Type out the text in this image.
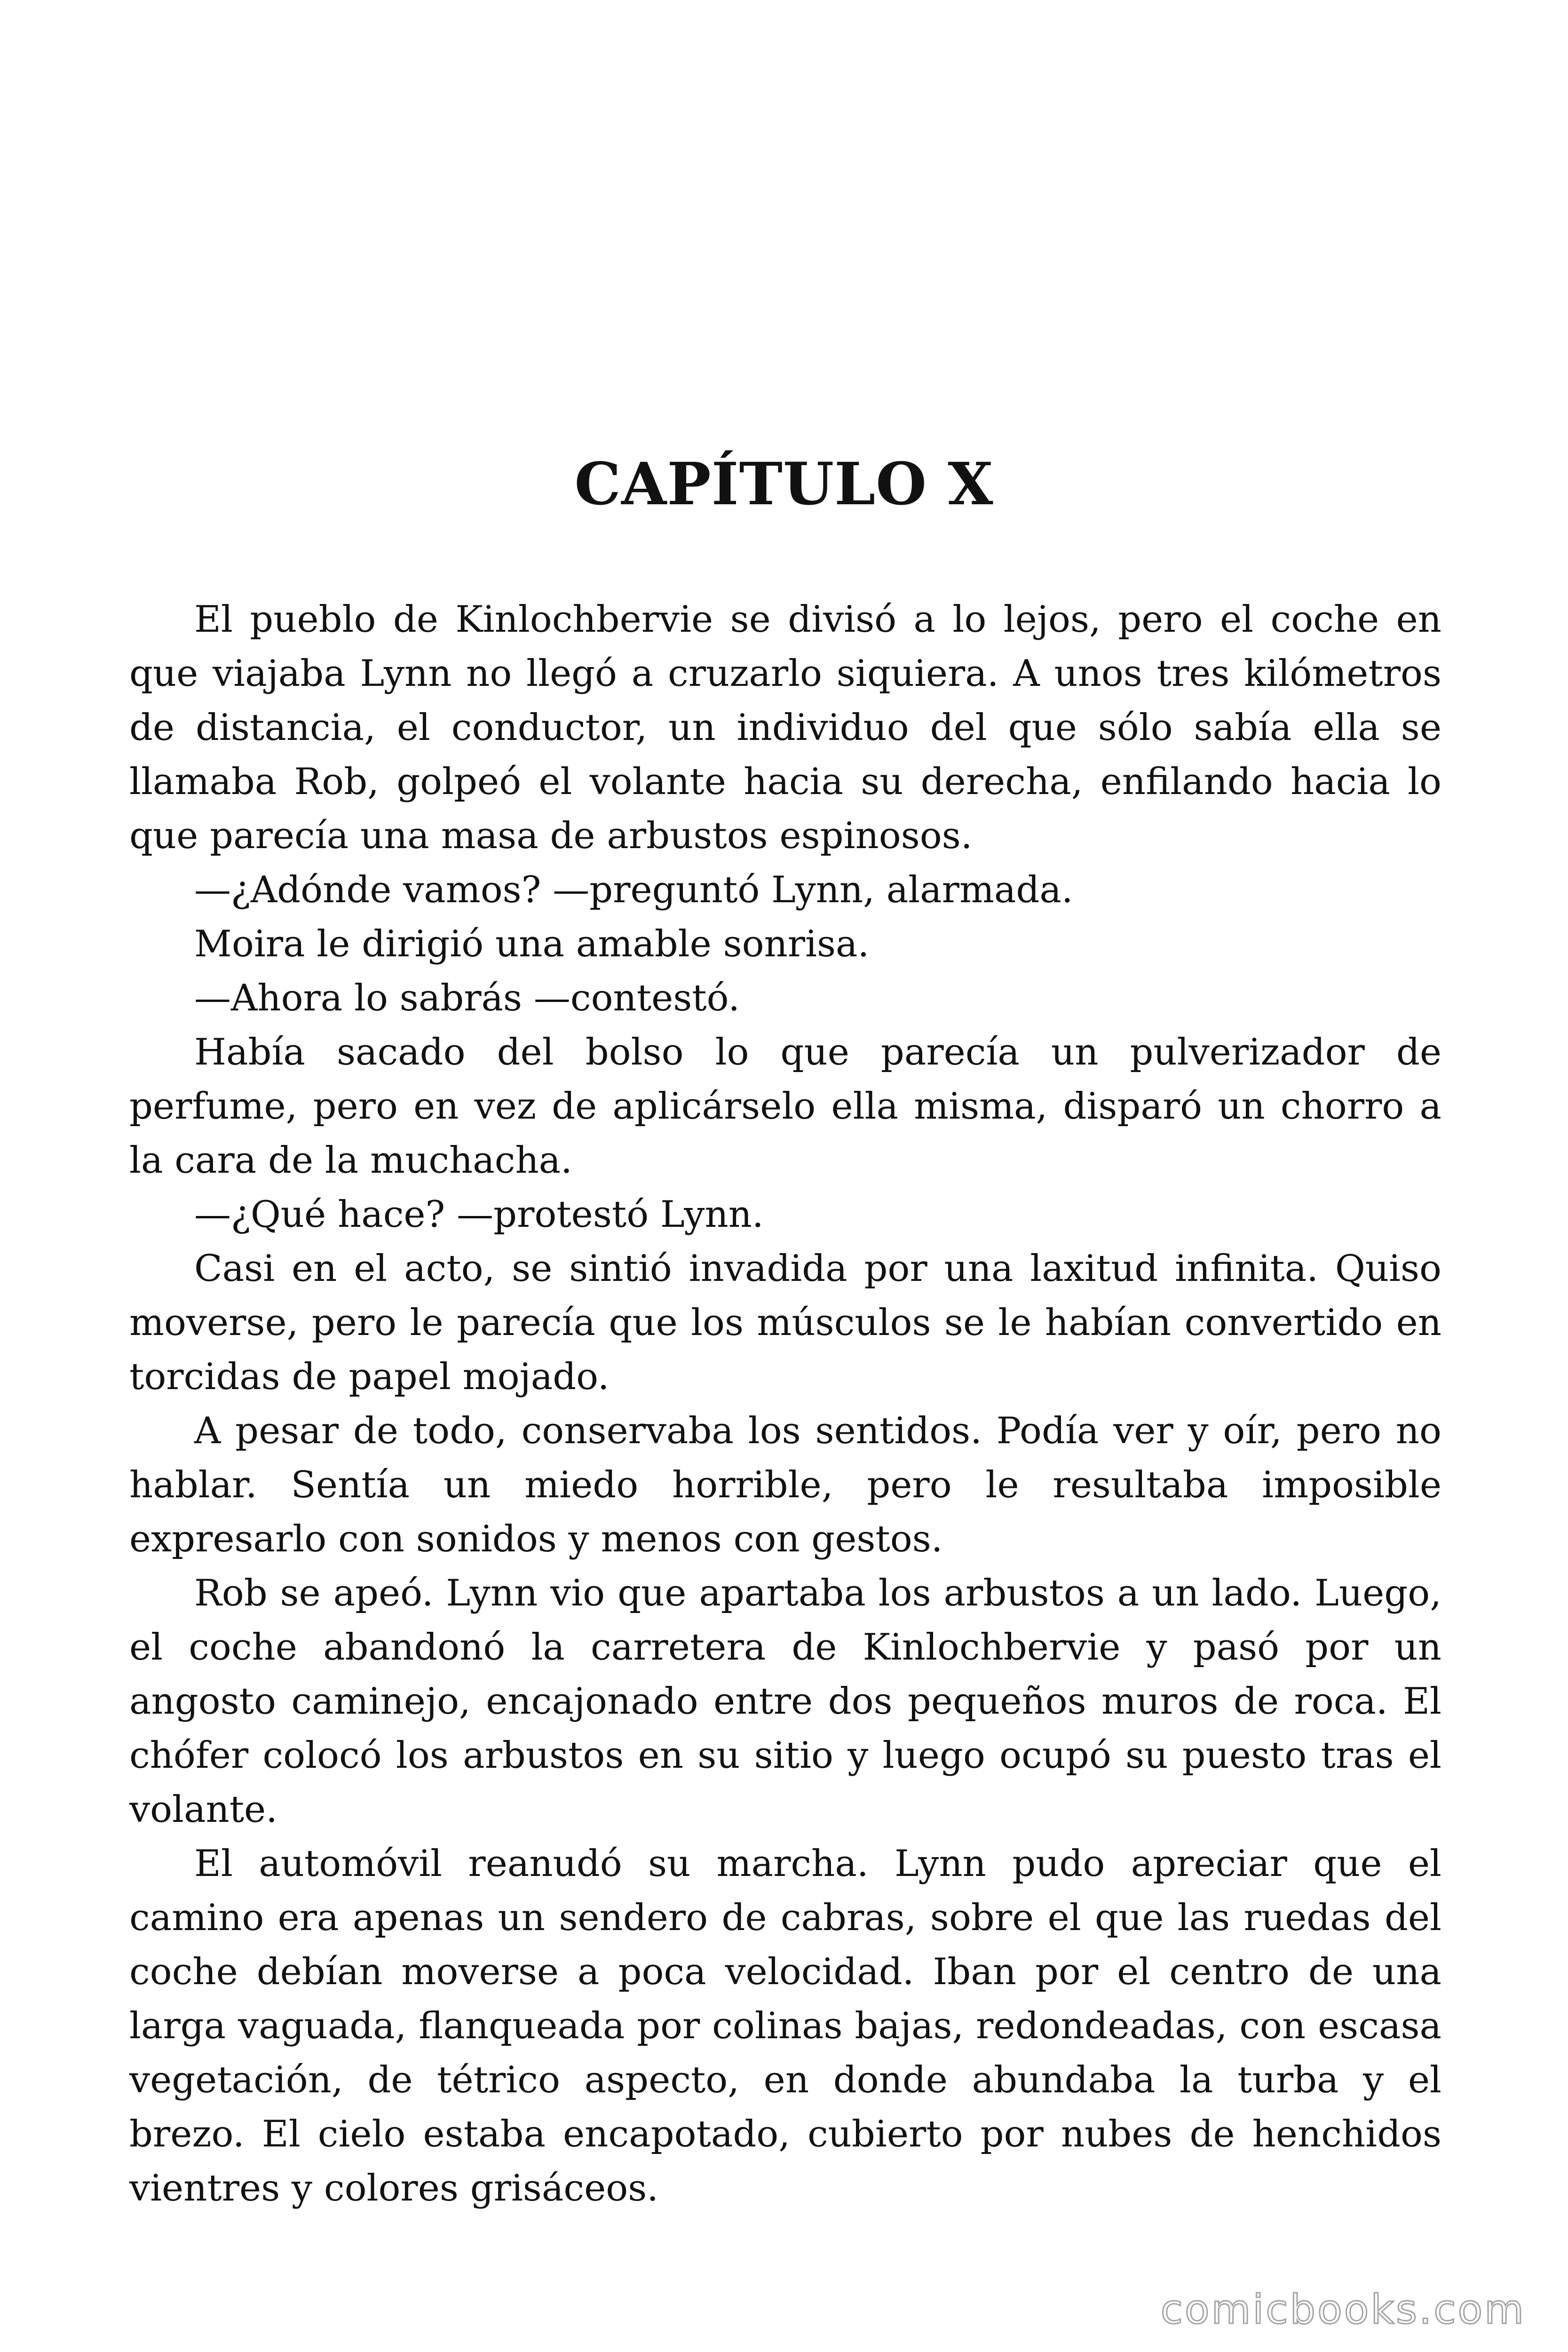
CAPÍTULO X

El pueblo de Kinlochbervie se divisó a lo lejos, pero el coche en que viajaba Lynn no llegó a cruzarlo siquiera. A unos tres kilómetros de distancia, el conductor, un individuo del que sólo sabía ella se llamaba Rob, golpeó el volante hacia su derecha, enfilando hacia lo que parecía una masa de arbustos espinosos.

—¿Adónde vamos? —preguntó Lynn, alarmada.

Moira le dirigió una amable sonrisa.

—Ahora lo sabrás —contestó.

Había sacado del bolso lo que parecía un pulverizador de perfume, pero en vez de aplicárselo ella misma, disparó un chorro a la cara de la muchacha.

—¿Qué hace? —protestó Lynn.

Casi en el acto, se sintió invadida por una laxitud infinita. Quiso moverse, pero le parecía que los músculos se le habían convertido en torcidas de papel mojado.

A pesar de todo, conservaba los sentidos. Podía ver y oír, pero no hablar. Sentía un miedo horrible, pero le resultaba imposible expresarlo con sonidos y menos con gestos.

Rob se apeó. Lynn vio que apartaba los arbustos a un lado. Luego, el coche abandonó la carretera de Kinlochbervie y pasó por un angosto caminejo, encajonado entre dos pequeños muros de roca. El chófer colocó los arbustos en su sitio y luego ocupó su puesto tras el volante.

El automóvil reanudó su marcha. Lynn pudo apreciar que el camino era apenas un sendero de cabras, sobre el que las ruedas del coche debían moverse a poca velocidad. Iban por el centro de una larga vaguada, flanqueada por colinas bajas, redondeadas, con escasa vegetación, de tétrico aspecto, en donde abundaba la turba y el brezo. El cielo estaba encapotado, cubierto por nubes de henchidos vientres y colores grisáceos.

comicbooks.com
